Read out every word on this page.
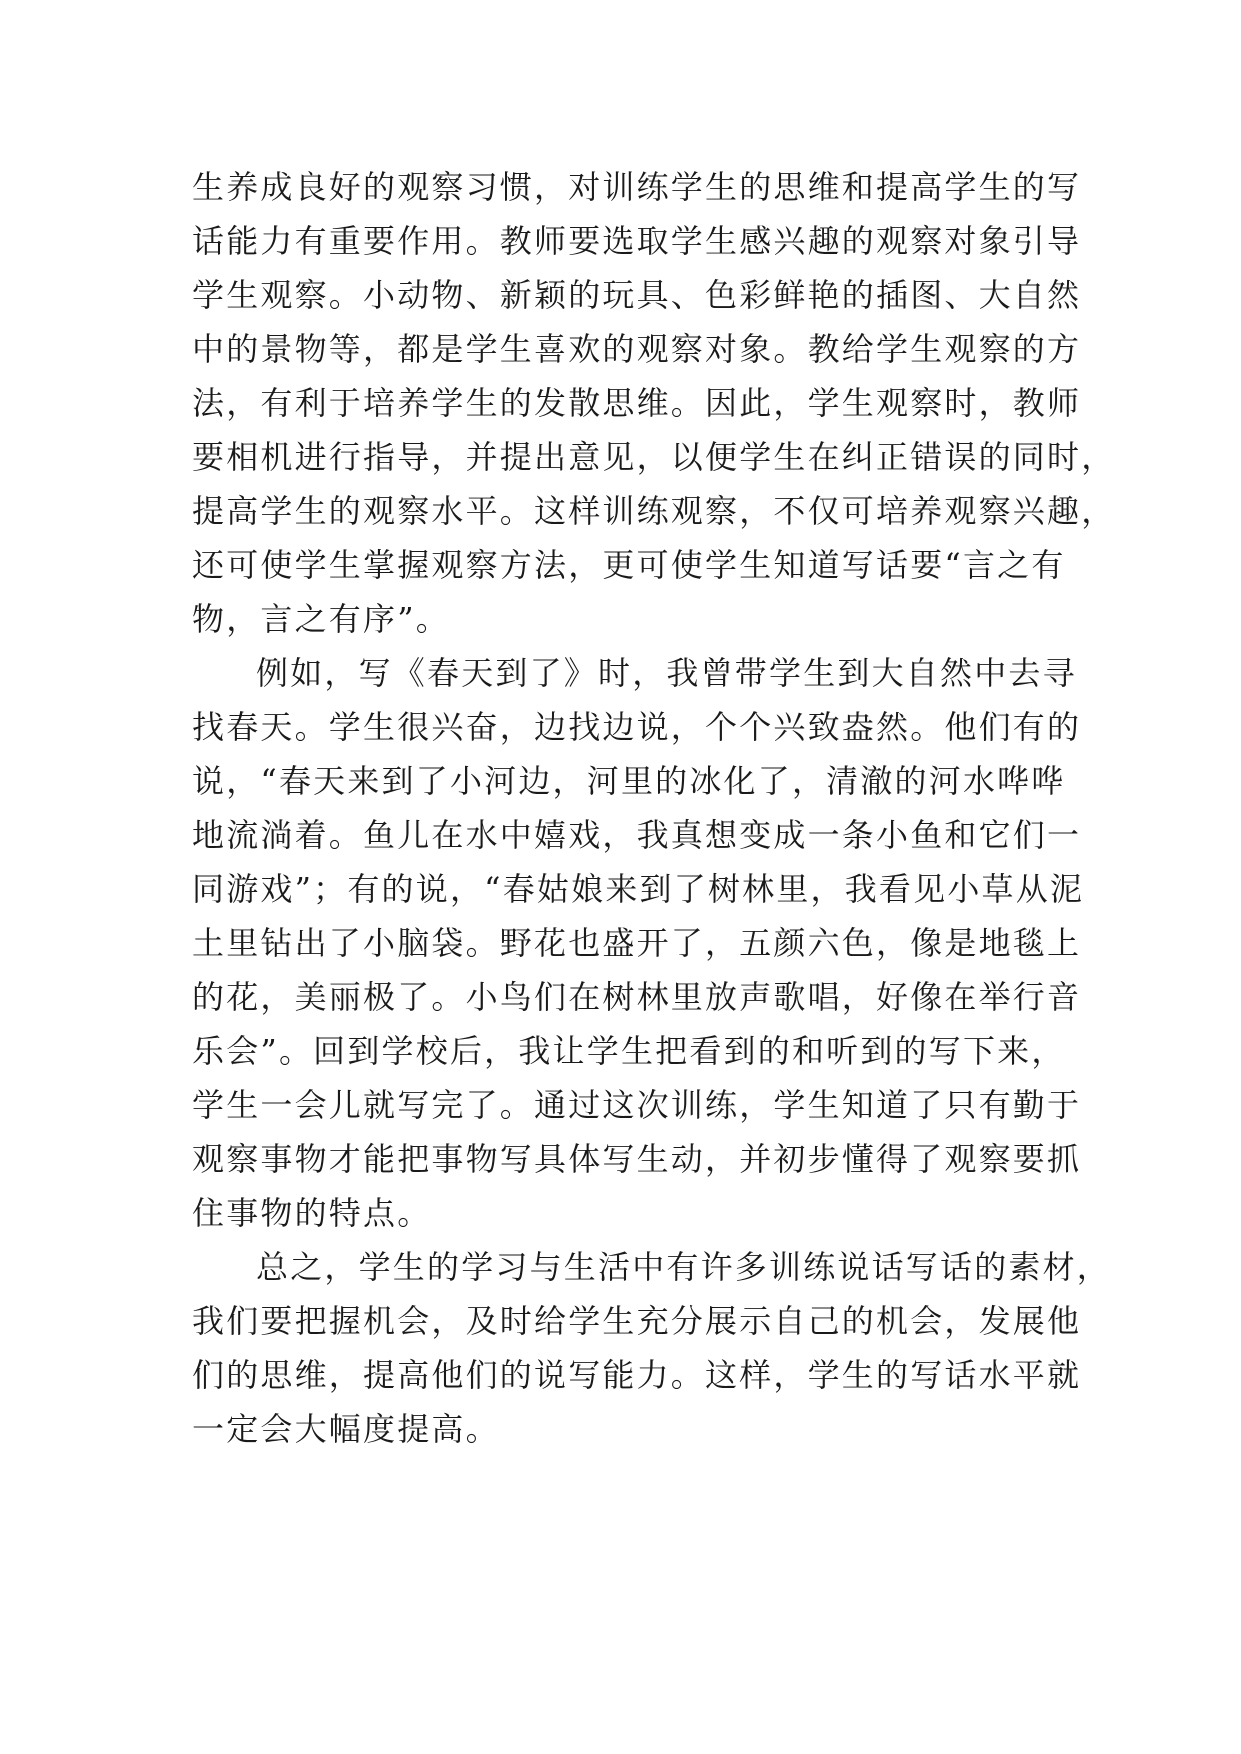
生养成良好的观察习惯，对训练学生的思维和提高学生的写
话能力有重要作用。教师要选取学生感兴趣的观察对象引导
学生观察。小动物、新颖的玩具、色彩鲜艳的插图、大自然
中的景物等，都是学生喜欢的观察对象。教给学生观察的方
法，有利于培养学生的发散思维。因此，学生观察时，教师
要相机进行指导，并提出意见，以便学生在纠正错误的同时，
提高学生的观察水平。这样训练观察，不仅可培养观察兴趣，
还可使学生掌握观察方法，更可使学生知道写话要“言之有
物，言之有序”。
例如，写《春天到了》时，我曾带学生到大自然中去寻
找春天。学生很兴奋，边找边说，个个兴致盎然。他们有的
说，“春天来到了小河边，河里的冰化了，清澈的河水哗哗
地流淌着。鱼儿在水中嬉戏，我真想变成一条小鱼和它们一
同游戏”；有的说，“春姑娘来到了树林里，我看见小草从泥
土里钻出了小脑袋。野花也盛开了，五颜六色，像是地毯上
的花，美丽极了。小鸟们在树林里放声歌唱，好像在举行音
乐会”。回到学校后，我让学生把看到的和听到的写下来，
学生一会儿就写完了。通过这次训练，学生知道了只有勤于
观察事物才能把事物写具体写生动，并初步懂得了观察要抓
住事物的特点。
总之，学生的学习与生活中有许多训练说话写话的素材，
我们要把握机会，及时给学生充分展示自己的机会，发展他
们的思维，提高他们的说写能力。这样，学生的写话水平就
一定会大幅度提高。
